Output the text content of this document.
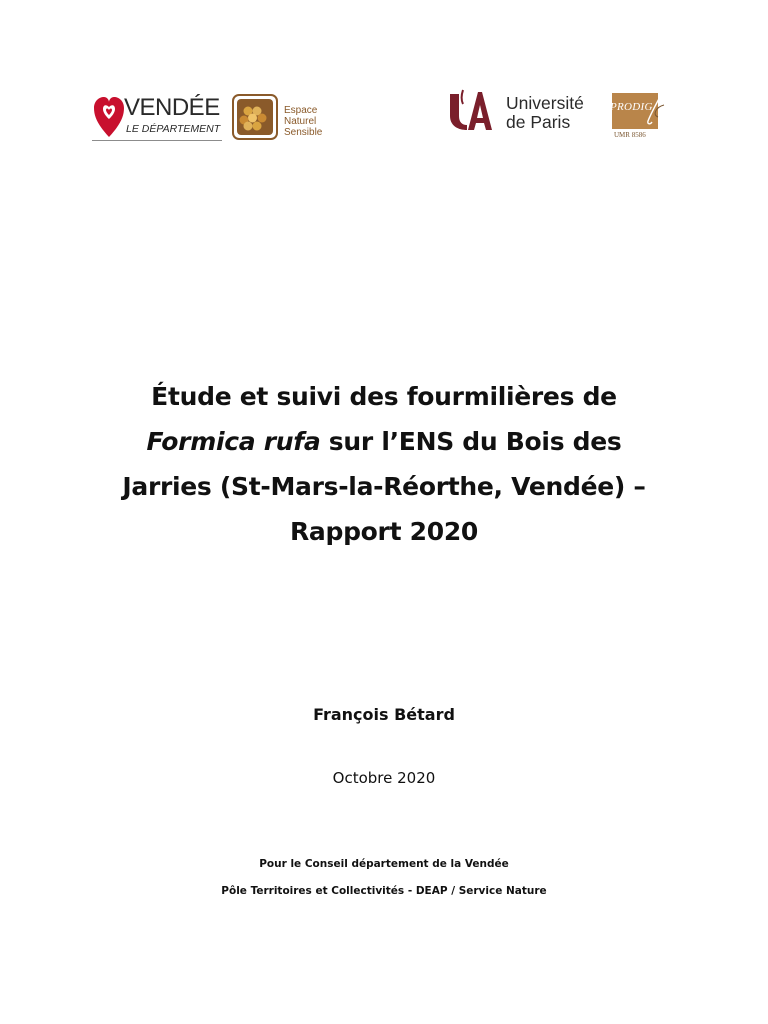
VENDÉE
LE DÉPARTEMENT
Espace
Naturel
Sensible
Université
de Paris
PRODIG
UMR 8586
Étude et suivi des fourmilières de
Formica rufa sur l’ENS du Bois des
Jarries (St-Mars-la-Réorthe, Vendée) –
Rapport 2020
François Bétard
Octobre 2020
Pour le Conseil département de la Vendée
Pôle Territoires et Collectivités - DEAP / Service Nature
